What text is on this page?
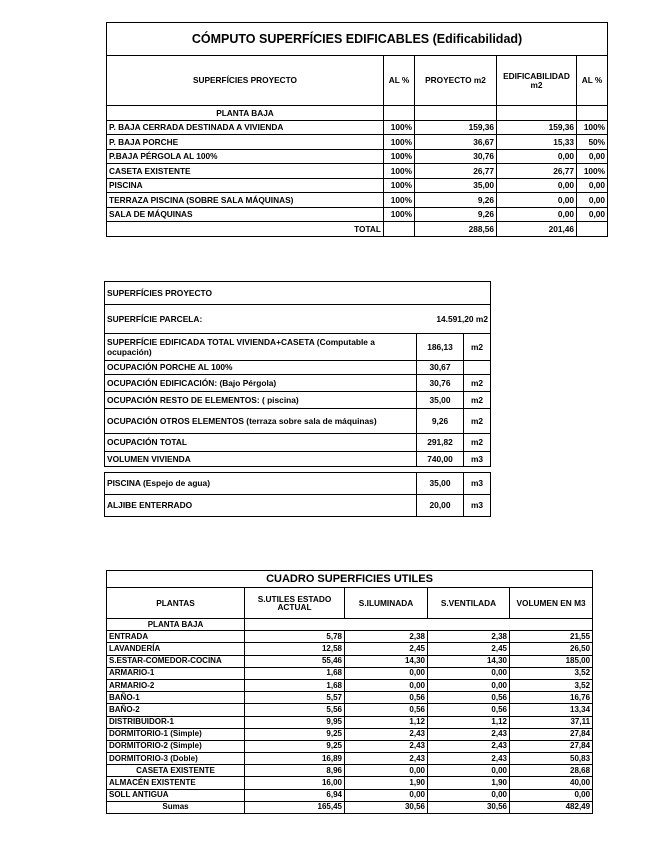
CÓMPUTO SUPERFÍCIES EDIFICABLES (Edificabilidad)				
SUPERFÍCIES PROYECTO	AL %	PROYECTO m2	EDIFICABILIDAD m2	AL %
PLANTA BAJA				
P. BAJA CERRADA DESTINADA A VIVIENDA	100%	159,36	159,36	100%
P. BAJA PORCHE	100%	36,67	15,33	50%
P.BAJA PÉRGOLA AL 100%	100%	30,76	0,00	0,00
CASETA EXISTENTE	100%	26,77	26,77	100%
PISCINA	100%	35,00	0,00	0,00
TERRAZA PISCINA (SOBRE SALA MÁQUINAS)	100%	9,26	0,00	0,00
SALA DE MÁQUINAS	100%	9,26	0,00	0,00
TOTAL		288,56	201,46	
SUPERFÍCIES PROYECTO		
SUPERFÍCIE PARCELA:	14.591,20 m2	
SUPERFÍCIE EDIFICADA TOTAL VIVIENDA+CASETA (Computable a ocupación)	186,13	m2
OCUPACIÓN PORCHE AL 100%	30,67	
OCUPACIÓN EDIFICACIÓN: (Bajo Pérgola)	30,76	m2
OCUPACIÓN RESTO DE ELEMENTOS: ( piscina)	35,00	m2
OCUPACIÓN OTROS ELEMENTOS (terraza sobre sala de máquinas)	9,26	m2
OCUPACIÓN TOTAL	291,82	m2
VOLUMEN VIVIENDA	740,00	m3

PISCINA (Espejo de agua)	35,00	m3
ALJIBE ENTERRADO	20,00	m3
CUADRO SUPERFICIES UTILES				
PLANTAS	S.UTILES ESTADO ACTUAL	S.ILUMINADA	S.VENTILADA	VOLUMEN EN M3
PLANTA BAJA				
ENTRADA	5,78	2,38	2,38	21,55
LAVANDERÍA	12,58	2,45	2,45	26,50
S.ESTAR-COMEDOR-COCINA	55,46	14,30	14,30	185,00
ARMARIO-1	1,68	0,00	0,00	3,52
ARMARIO-2	1,68	0,00	0,00	3,52
BAÑO-1	5,57	0,56	0,56	16,76
BAÑO-2	5,56	0,56	0,56	13,34
DISTRIBUIDOR-1	9,95	1,12	1,12	37,11
DORMITORIO-1 (Simple)	9,25	2,43	2,43	27,84
DORMITORIO-2 (Simple)	9,25	2,43	2,43	27,84
DORMITORIO-3 (Doble)	16,89	2,43	2,43	50,83
CASETA EXISTENTE	8,96	0,00	0,00	28,68
ALMACÉN EXISTENTE	16,00	1,90	1,90	40,00
SOLL ANTIGUA	6,94	0,00	0,00	0,00
Sumas	165,45	30,56	30,56	482,49
